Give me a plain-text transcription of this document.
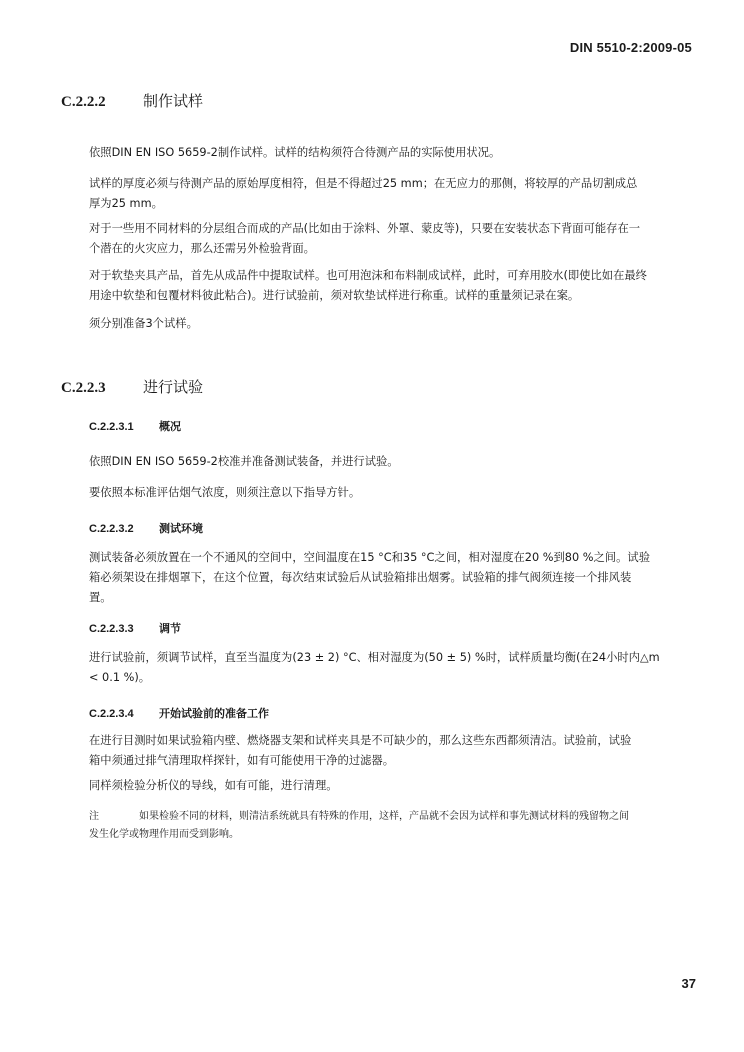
DIN 5510-2:2009-05
C.2.2.2 制作试样
依照DIN EN ISO 5659-2制作试样。试样的结构须符合待测产品的实际使用状况。
试样的厚度必须与待测产品的原始厚度相符，但是不得超过25 mm；在无应力的那侧，将较厚的产品切割成总
厚为25 mm。
对于一些用不同材料的分层组合而成的产品(比如由于涂料、外罩、蒙皮等)，只要在安装状态下背面可能存在一
个潜在的火灾应力，那么还需另外检验背面。
对于软垫夹具产品，首先从成品件中提取试样。也可用泡沫和布料制成试样，此时，可弃用胶水(即使比如在最终
用途中软垫和包覆材料彼此粘合)。进行试验前，须对软垫试样进行称重。试样的重量须记录在案。
须分别准备3个试样。
C.2.2.3 进行试验
C.2.2.3.1 概况
依照DIN EN ISO 5659-2校准并准备测试装备，并进行试验。
要依照本标准评估烟气浓度，则须注意以下指导方针。
C.2.2.3.2 测试环境
测试装备必须放置在一个不通风的空间中，空间温度在15 °C和35 °C之间，相对湿度在20 %到80 %之间。试验
箱必须架设在排烟罩下，在这个位置，每次结束试验后从试验箱排出烟雾。试验箱的排气阀须连接一个排风装
置。
C.2.2.3.3 调节
进行试验前，须调节试样，直至当温度为(23 ± 2) °C、相对湿度为(50 ± 5) %时，试样质量均衡(在24小时内△m
< 0.1 %)。
C.2.2.3.4 开始试验前的准备工作
在进行目测时如果试验箱内壁、燃烧器支架和试样夹具是不可缺少的，那么这些东西都须清洁。试验前，试验
箱中须通过排气清理取样探针，如有可能使用干净的过滤器。
同样须检验分析仪的导线，如有可能，进行清理。
注	如果检验不同的材料，则清洁系统就具有特殊的作用，这样，产品就不会因为试样和事先测试材料的残留物之间
发生化学或物理作用而受到影响。
37
